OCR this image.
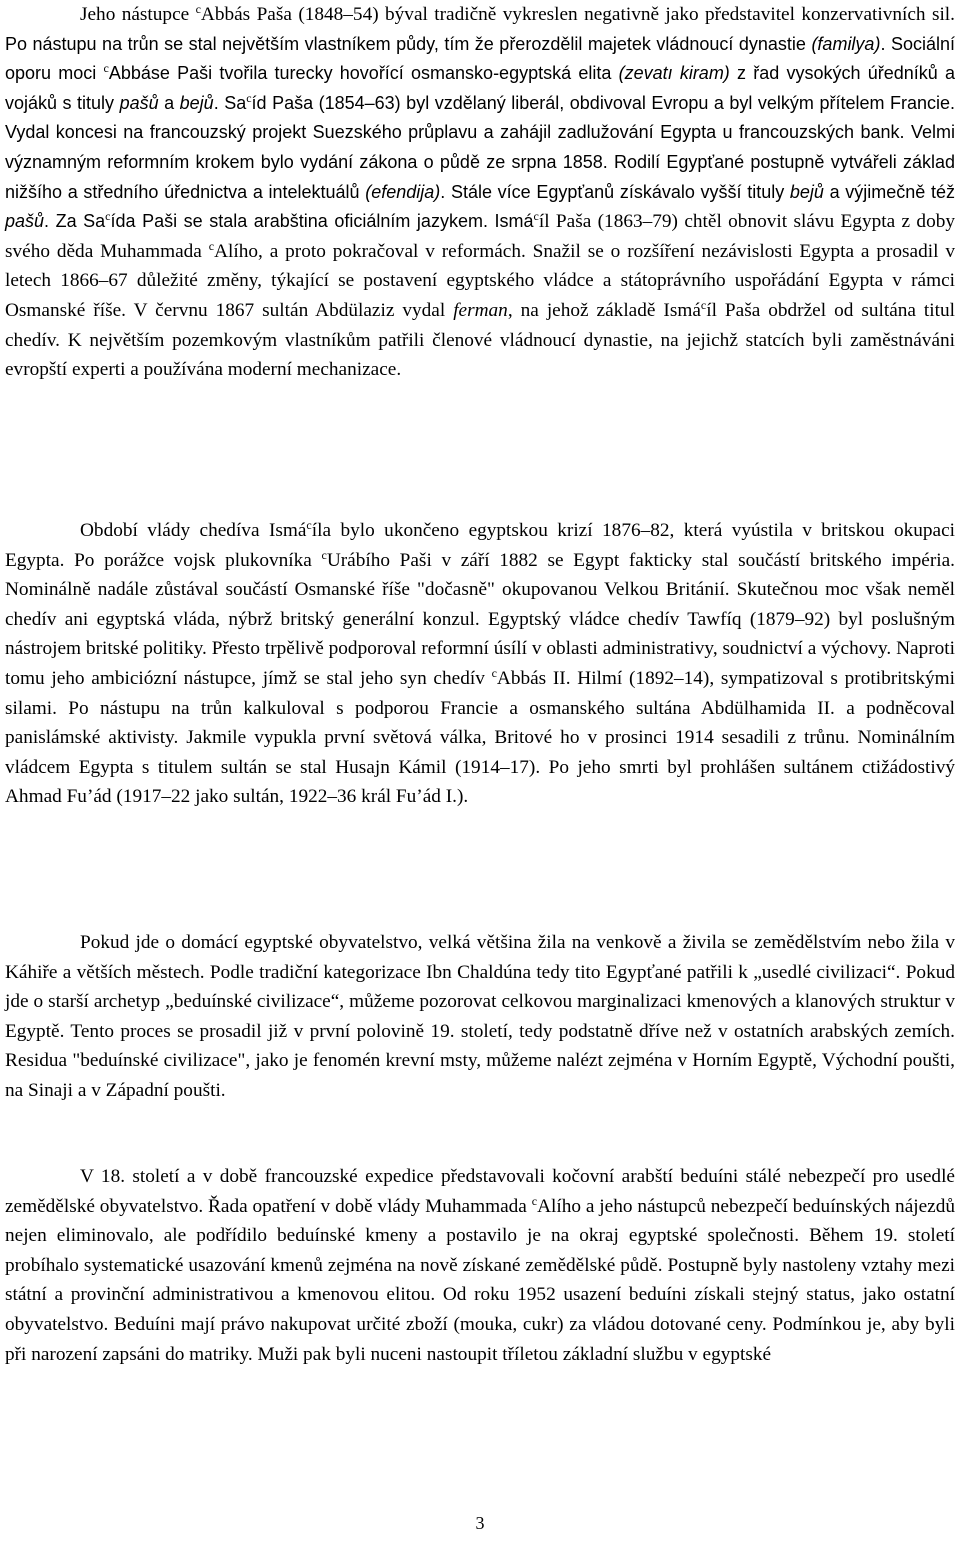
Jeho nástupce $^c$Abbás Paša (1848–54) býval tradičně vykreslen negativně jako představitel konzervativních sil. Po nástupu na trůn se stal největším vlastníkem půdy, tím že přerozdělil majetek vládnoucí dynastie (familya). Sociální oporu moci $^c$Abbáse Paši tvořila turecky hovořící osmansko-egyptská elita (zevatı kiram) z řad vysokých úředníků a vojáků s tituly pašů a bejů. Sa$^c$íd Paša (1854–63) byl vzdělaný liberál, obdivoval Evropu a byl velkým přítelem Francie. Vydal koncesi na francouzský projekt Suezského průplavu a zahájil zadlužování Egypta u francouzských bank. Velmi významným reformním krokem bylo vydání zákona o půdě ze srpna 1858. Rodilí Egypťané postupně vytvářeli základ nižšího a středního úřednictva a intelektuálů (efendija). Stále více Egypťanů získávalo vyšší tituly bejů a výjimečně též pašů. Za Sa$^c$ída Paši se stala arabština oficiálním jazykem. Ismá$^c$íl Paša (1863–79) chtěl obnovit slávu Egypta z doby svého děda Muhammada $^c$Alího, a proto pokračoval v reformách. Snažil se o rozšíření nezávislosti Egypta a prosadil v letech 1866–67 důležité změny, týkající se postavení egyptského vládce a státoprávního uspořádání Egypta v rámci Osmanské říše. V červnu 1867 sultán Abdülaziz vydal ferman, na jehož základě Ismá$^c$íl Paša obdržel od sultána titul chedív. K největším pozemkovým vlastníkům patřili členové vládnoucí dynastie, na jejichž statcích byli zaměstnáváni evropští experti a používána moderní mechanizace.

Období vlády chedíva Ismá$^c$íla bylo ukončeno egyptskou krizí 1876–82, která vyústila v britskou okupaci Egypta. Po porážce vojsk plukovníka $^c$Urábího Paši v září 1882 se Egypt fakticky stal součástí britského impéria. Nominálně nadále zůstával součástí Osmanské říše "dočasně" okupovanou Velkou Británií. Skutečnou moc však neměl chedív ani egyptská vláda, nýbrž britský generální konzul. Egyptský vládce chedív Tawfíq (1879–92) byl poslušným nástrojem britské politiky. Přesto trpělivě podporoval reformní úsílí v oblasti administrativy, soudnictví a výchovy. Naproti tomu jeho ambiciózní nástupce, jímž se stal jeho syn chedív $^c$Abbás II. Hilmí (1892–14), sympatizoval s protibritskými silami. Po nástupu na trůn kalkuloval s podporou Francie a osmanského sultána Abdülhamida II. a podněcoval panislámské aktivisty. Jakmile vypukla první světová válka, Britové ho v prosinci 1914 sesadili z trůnu. Nominálním vládcem Egypta s titulem sultán se stal Husajn Kámil (1914–17). Po jeho smrti byl prohlášen sultánem ctižádostivý Ahmad Fu’ád (1917–22 jako sultán, 1922–36 král Fu’ád I.).

Pokud jde o domácí egyptské obyvatelstvo, velká většina žila na venkově a živila se zemědělstvím nebo žila v Káhiře a větších městech. Podle tradiční kategorizace Ibn Chaldúna tedy tito Egypťané patřili k „usedlé civilizaci“. Pokud jde o starší archetyp „beduínské civilizace“, můžeme pozorovat celkovou marginalizaci kmenových a klanových struktur v Egyptě. Tento proces se prosadil již v první polovině 19. století, tedy podstatně dříve než v ostatních arabských zemích. Residua "beduínské civilizace", jako je fenomén krevní msty, můžeme nalézt zejména v Horním Egyptě, Východní poušti, na Sinaji a v Západní poušti.

V 18. století a v době francouzské expedice představovali kočovní arabští beduíni stálé nebezpečí pro usedlé zemědělské obyvatelstvo. Řada opatření v době vlády Muhammada $^c$Alího a jeho nástupců nebezpečí beduínských nájezdů nejen eliminovalo, ale podřídilo beduínské kmeny a postavilo je na okraj egyptské společnosti. Během 19. století probíhalo systematické usazování kmenů zejména na nově získané zemědělské půdě. Postupně byly nastoleny vztahy mezi státní a provinční administrativou a kmenovou elitou. Od roku 1952 usazení beduíni získali stejný status, jako ostatní obyvatelstvo. Beduíni mají právo nakupovat určité zboží (mouka, cukr) za vládou dotované ceny. Podmínkou je, aby byli při narození zapsáni do matriky. Muži pak byli nuceni nastoupit tříletou základní službu v egyptské

3
